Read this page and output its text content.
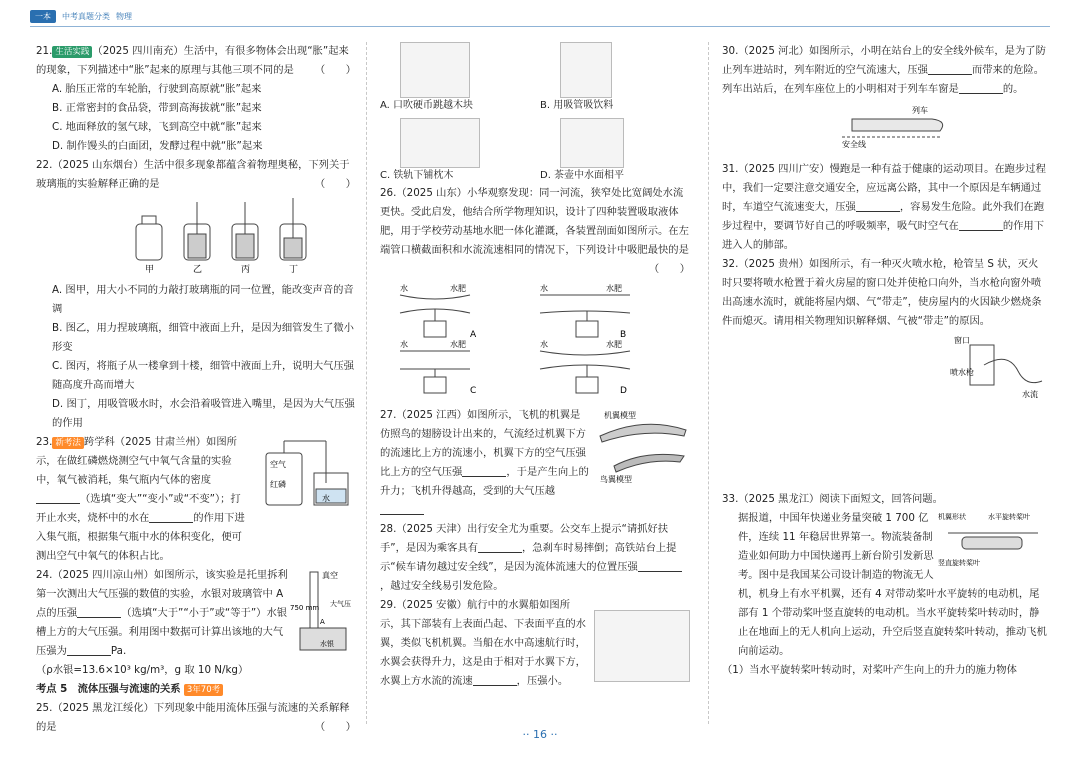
一本	中考真题分类 物理

21. 生活实践 （2025 四川南充）生活中，有很多物体会出现“胀”起来的现象，下列描述中“胀”起来的原理与其他三项不同的是 （　　）

A. 胎压正常的车轮胎，行驶到高原就“胀”起来

B. 正常密封的食品袋，带到高海拔就“胀”起来

C. 地面释放的氢气球，飞到高空中就“胀”起来

D. 制作馒头的白面团，发酵过程中就“胀”起来

22.（2025 山东烟台）生活中很多现象都蕴含着物理奥秘，下列关于玻璃瓶的实验解释正确的是	（　　）

甲	乙	丙	丁

A. 图甲，用大小不同的力敲打玻璃瓶的同一位置，能改变声音的音调

B. 图乙，用力捏玻璃瓶，细管中液面上升，是因为细管发生了微小形变

C. 图丙，将瓶子从一楼拿到十楼，细管中液面上升，说明大气压强随高度升高而增大

D. 图丁，用吸管吸水时，水会沿着吸管进入嘴里，是因为大气压强的作用

23. 新考法 跨学科（2025 甘肃兰州）如图所示，在做红磷燃烧测空气中氧气含量的实验中，氧气被消耗，集气瓶内气体的密度（选填“变大”“变小”或“不变”）；打开止水夹，烧杯中的水在	的作用下进入集气瓶，根据集气瓶中水的体积变化，便可测出空气中氧气的体积占比。

空气
红磷
水

24.（2025 四川凉山州）如图所示，该实验是托里拆利第一次测出大气压强的数值的实验，水银对玻璃管中 A 点的压强	（选填“大于”“小于”或“等于”）水银槽上方的大气压强。利用图中数据可计算出该地的大气压强为	Pa.
（ρ水银=13.6×10³ kg/m³，g 取 10 N/kg）

真空
750 mm 大气压
A
水银

考点 5　流体压强与流速的关系 3年70考

25.（2025 黑龙江绥化）下列现象中能用流体压强与流速的关系解释的是	（　　）

A. 口吹硬币跳越木块	B. 用吸管吸饮料
C. 铁轨下铺枕木	D. 茶壶中水面相平

26.（2025 山东）小华观察发现：同一河流，狭窄处比宽阔处水流更快。受此启发，他结合所学物理知识，设计了四种装置吸取液体肥，用于学校劳动基地水肥一体化灌溉，各装置剖面如图所示。在左端管口横截面积和水流流速相同的情况下，下列设计中吸肥最快的是
（　　）

水	水肥	水	水肥
水	水肥	水	水肥
A	B
C	D

27.（2025 江西）如图所示，飞机的机翼是仿照鸟的翅膀设计出来的，气流经过机翼下方的流速比上方的流速小，机翼下方的空气压强比上方的空气压强	，于是产生向上的升力；飞机升得越高，受到的大气压越

机翼模型
鸟翼模型

28.（2025 天津）出行安全尤为重要。公交车上提示“请抓好扶手”，是因为乘客具有	，急刹车时易摔倒；高铁站台上提示“候车请勿越过安全线”，是因为流体流速大的位置压强，越过安全线易引发危险。

29.（2025 安徽）航行中的水翼船如图所示，其下部装有上表面凸起、下表面平直的水翼，类似飞机机翼。当船在水中高速航行时，水翼会获得升力，这是由于相对于水翼下方，水翼上方水流的流速	，压强小。

30.（2025 河北）如图所示，小明在站台上的安全线外候车，是为了防止列车进站时，列车附近的空气流速大，压强	而带来的危险。列车出站后，在列车座位上的小明相对于列车车窗是	的。

列车
安全线

31.（2025 四川广安）慢跑是一种有益于健康的运动项目。在跑步过程中，我们一定要注意交通安全，应远离公路，其中一个原因是车辆通过时，车道空气流速变大，压强	，容易发生危险。此外我们在跑步过程中，要调节好自己的呼吸频率，吸气时空气在	的作用下进入人的肺部。

32.（2025 贵州）如图所示，有一种灭火喷水枪，枪管呈 S 状，灭火时只要将喷水枪置于着火房屋的窗口处并使枪口向外，当水枪向窗外喷出高速水流时，就能将屋内烟、气“带走”，使房屋内的火因缺少燃烧条件而熄灭。请用相关物理知识解释烟、气被“带走”的原因。

窗口
喷水枪
水流

33.（2025 黑龙江）阅读下面短文，回答问题。

机翼形状	水平旋转桨叶
竖直旋转桨叶

据报道，中国年快递业务量突破 1 700 亿件，连续 11 年稳居世界第一。物流装备制造业如何助力中国快递再上新台阶引发新思考。图中是我国某公司设计制造的物流无人机，机身上有水平机翼，还有 4 对带动桨叶水平旋转的电动机，尾部有 1 个带动桨叶竖直旋转的电动机。当水平旋转桨叶转动时，静止在地面上的无人机向上运动，升空后竖直旋转桨叶转动，推动飞机向前运动。

（1）当水平旋转桨叶转动时，对桨叶产生向上的升力的施力物体

·· 16 ··
